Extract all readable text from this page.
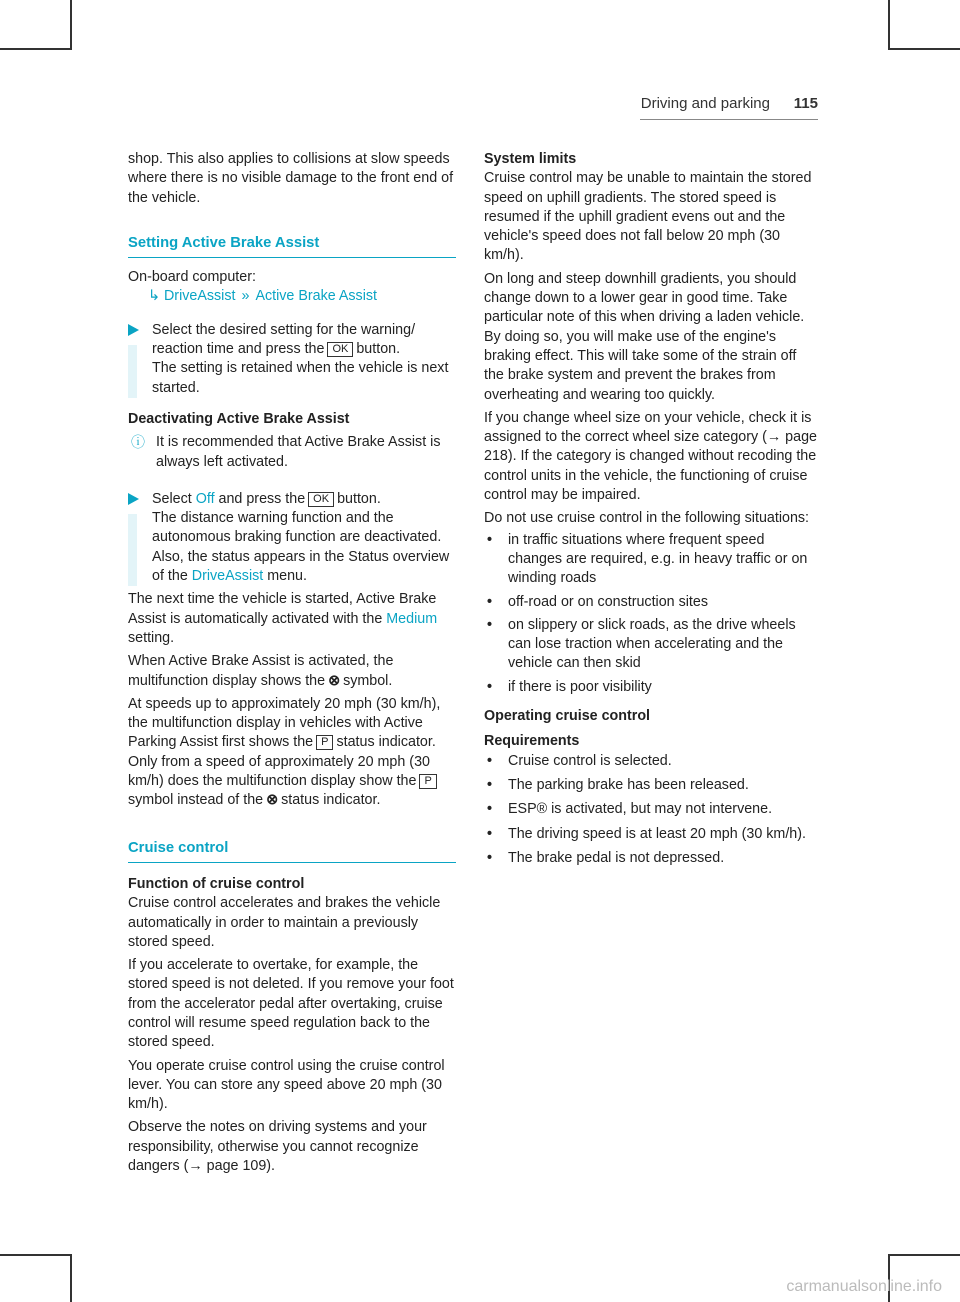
Driving and parking 115

shop. This also applies to collisions at slow speeds where there is no visible damage to the front end of the vehicle.

Setting Active Brake Assist

On-board computer:

↳ DriveAssist » Active Brake Assist

Select the desired setting for the warning/ reaction time and press the OK button.

The setting is retained when the vehicle is next started.

Deactivating Active Brake Assist

ⓘ It is recommended that Active Brake Assist is always left activated.

Select Off and press the OK button.

The distance warning function and the autonomous braking function are deactivated. Also, the status appears in the Status overview of the DriveAssist menu.

The next time the vehicle is started, Active Brake Assist is automatically activated with the Medium setting.

When Active Brake Assist is activated, the multifunction display shows the ⊗ symbol.

At speeds up to approximately 20 mph (30 km/h), the multifunction display in vehicles with Active Parking Assist first shows the P status indicator. Only from a speed of approximately 20 mph (30 km/h) does the multifunction display show the Psymbol instead of the ⊗ status indicator.

Cruise control

Function of cruise control

Cruise control accelerates and brakes the vehicle automatically in order to maintain a previously stored speed.

If you accelerate to overtake, for example, the stored speed is not deleted. If you remove your foot from the accelerator pedal after overtaking, cruise control will resume speed regulation back to the stored speed.

You operate cruise control using the cruise control lever. You can store any speed above 20 mph (30 km/h).

Observe the notes on driving systems and your responsibility, otherwise you cannot recognize dangers (→ page 109).

System limits

Cruise control may be unable to maintain the stored speed on uphill gradients. The stored speed is resumed if the uphill gradient evens out and the vehicle's speed does not fall below 20 mph (30 km/h).

On long and steep downhill gradients, you should change down to a lower gear in good time. Take particular note of this when driving a laden vehicle. By doing so, you will make use of the engine's braking effect. This will take some of the strain off the brake system and prevent the brakes from overheating and wearing too quickly.

If you change wheel size on your vehicle, check it is assigned to the correct wheel size category (→ page 218). If the category is changed without recoding the control units in the vehicle, the functioning of cruise control may be impaired.

Do not use cruise control in the following situations:

• in traffic situations where frequent speed changes are required, e.g. in heavy traffic or on winding roads

• off-road or on construction sites

• on slippery or slick roads, as the drive wheels can lose traction when accelerating and the vehicle can then skid

• if there is poor visibility

Operating cruise control

Requirements

• Cruise control is selected.

• The parking brake has been released.

• ESP® is activated, but may not intervene.

• The driving speed is at least 20 mph (30 km/h).

• The brake pedal is not depressed.

carmanualsonline.info
